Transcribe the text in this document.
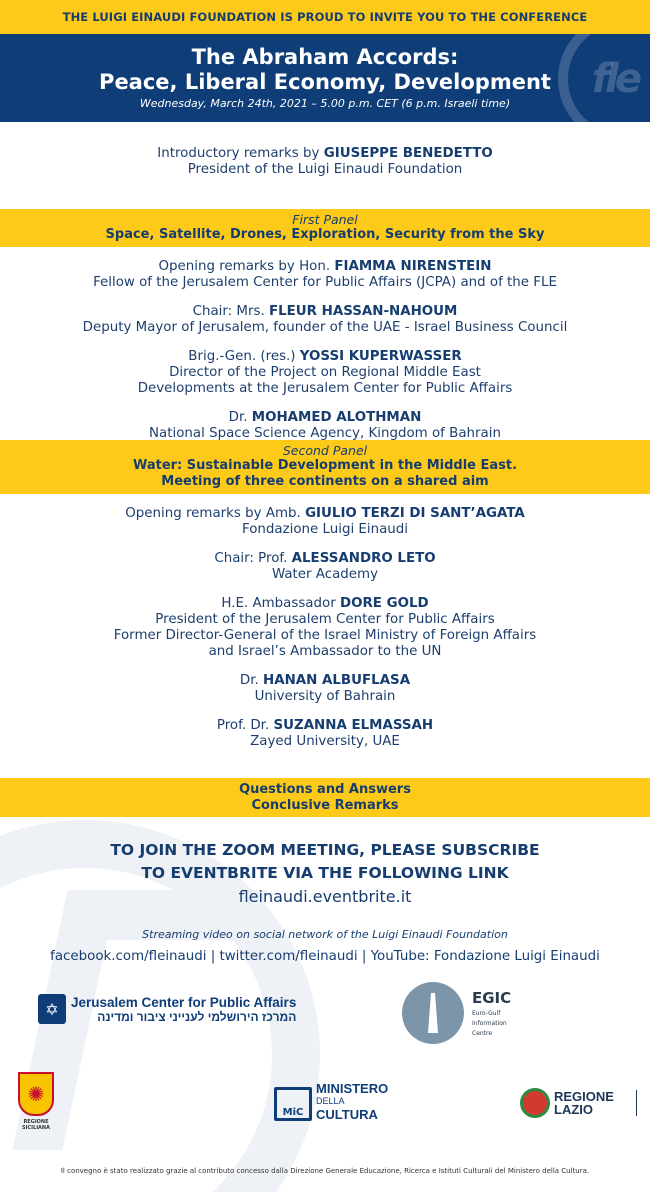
THE LUIGI EINAUDI FOUNDATION IS PROUD TO INVITE YOU TO THE CONFERENCE
fle
The Abraham Accords:
Peace, Liberal Economy, Development
Wednesday, March 24th, 2021 – 5.00 p.m. CET (6 p.m. Israeli time)
Introductory remarks by GIUSEPPE BENEDETTO
President of the Luigi Einaudi Foundation
First Panel
Space, Satellite, Drones, Exploration, Security from the Sky
Opening remarks by Hon. FIAMMA NIRENSTEIN
Fellow of the Jerusalem Center for Public Affairs (JCPA) and of the FLE
Chair: Mrs. FLEUR HASSAN-NAHOUM
Deputy Mayor of Jerusalem, founder of the UAE - Israel Business Council
Brig.-Gen. (res.) YOSSI KUPERWASSER
Director of the Project on Regional Middle East
Developments at the Jerusalem Center for Public Affairs
Dr. MOHAMED ALOTHMAN
National Space Science Agency, Kingdom of Bahrain
Second Panel
Water: Sustainable Development in the Middle East.
Meeting of three continents on a shared aim
Opening remarks by Amb. GIULIO TERZI DI SANT’AGATA
Fondazione Luigi Einaudi
Chair: Prof. ALESSANDRO LETO
Water Academy
H.E. Ambassador DORE GOLD
President of the Jerusalem Center for Public Affairs
Former Director-General of the Israel Ministry of Foreign Affairs
and Israel’s Ambassador to the UN
Dr. HANAN ALBUFLASA
University of Bahrain
Prof. Dr. SUZANNA ELMASSAH
Zayed University, UAE
Questions and Answers
Conclusive Remarks
TO JOIN THE ZOOM MEETING, PLEASE SUBSCRIBE
TO EVENTBRITE VIA THE FOLLOWING LINK
fleinaudi.eventbrite.it
Streaming video on social network of the Luigi Einaudi Foundation
facebook.com/fleinaudi | twitter.com/fleinaudi | YouTube: Fondazione Luigi Einaudi
✡ Jerusalem Center for Public Affairs
המרכז הירושלמי לענייני ציבור ומדינה
EGIC
Euro-Gulf
Information
Centre
✺
REGIONE SICILIANA
MiC
MINISTERO
DELLA
CULTURA
REGIONE
LAZIO
Il convegno è stato realizzato grazie al contributo concesso dalla Direzione Generale Educazione, Ricerca e Istituti Culturali del Ministero della Cultura.
